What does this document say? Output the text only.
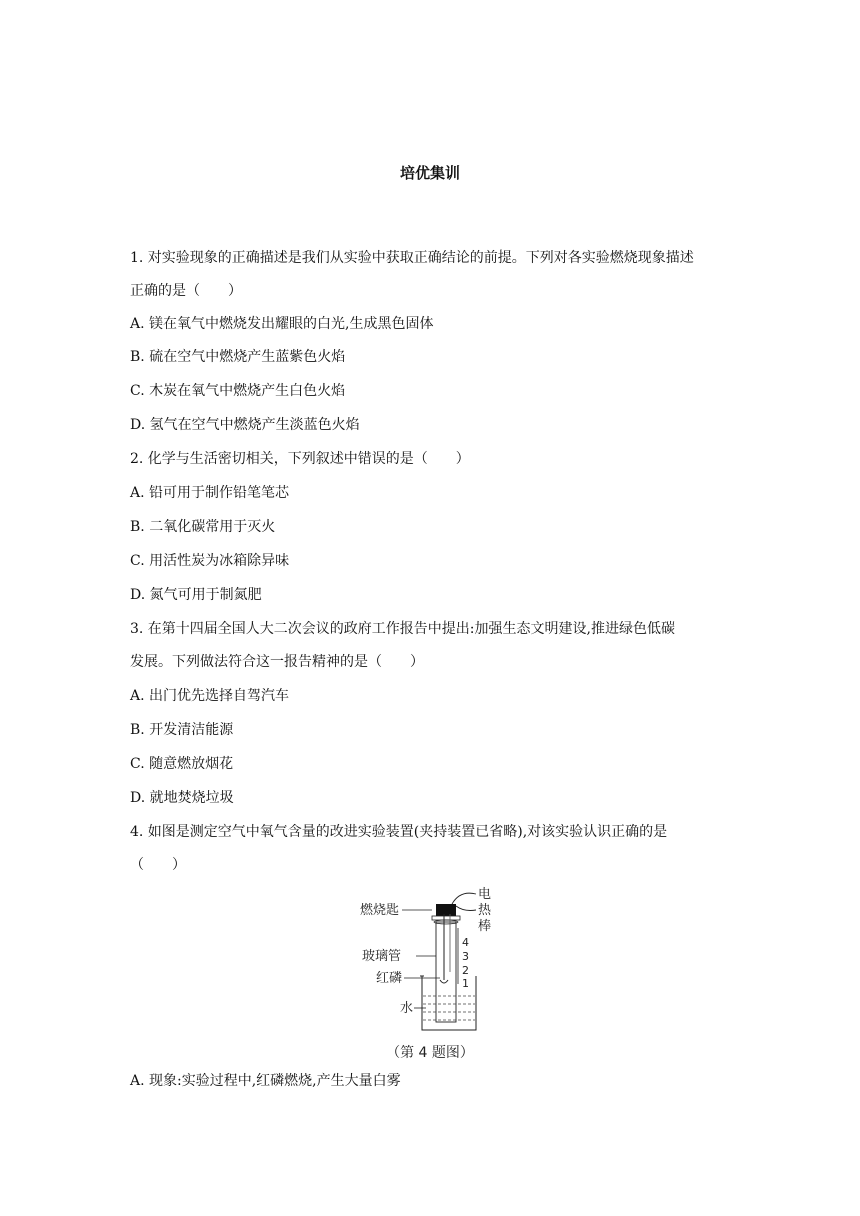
培优集训
1. 对实验现象的正确描述是我们从实验中获取正确结论的前提。下列对各实验燃烧现象描述
正确的是（　　）
A. 镁在氧气中燃烧发出耀眼的白光,生成黑色固体
B. 硫在空气中燃烧产生蓝紫色火焰
C. 木炭在氧气中燃烧产生白色火焰
D. 氢气在空气中燃烧产生淡蓝色火焰
2. 化学与生活密切相关，下列叙述中错误的是（　　）
A. 铅可用于制作铅笔笔芯
B. 二氧化碳常用于灭火
C. 用活性炭为冰箱除异味
D. 氮气可用于制氮肥
3. 在第十四届全国人大二次会议的政府工作报告中提出:加强生态文明建设,推进绿色低碳
发展。下列做法符合这一报告精神的是（　　）
A. 出门优先选择自驾汽车
B. 开发清洁能源
C. 随意燃放烟花
D. 就地焚烧垃圾
4. 如图是测定空气中氧气含量的改进实验装置(夹持装置已省略),对该实验认识正确的是
（　　）
燃烧匙
电
热
棒
玻璃管
红磷
水
4
3
2
1
（第 4 题图）
A. 现象:实验过程中,红磷燃烧,产生大量白雾
